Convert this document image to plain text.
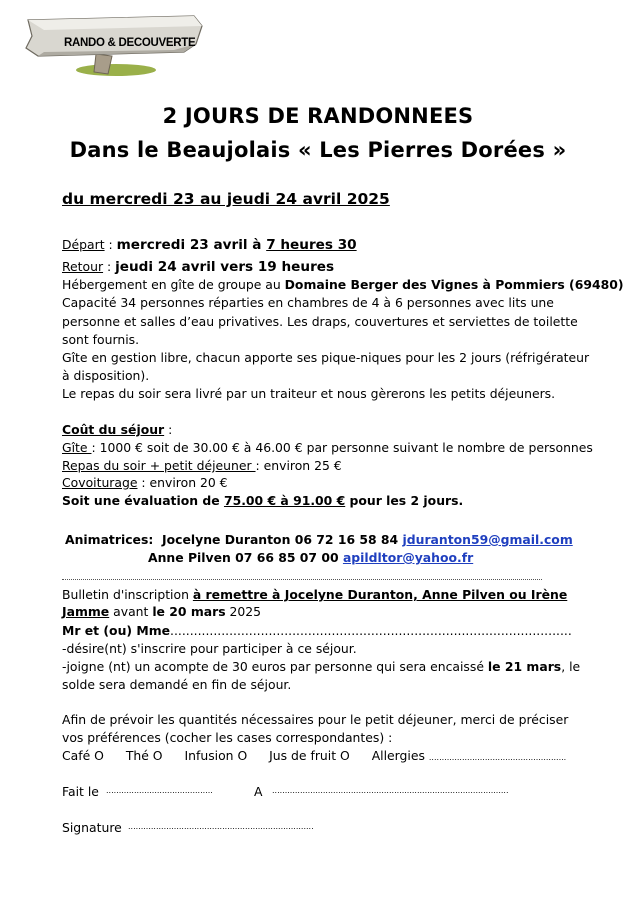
RANDO & DECOUVERTE
2 JOURS DE RANDONNEES
Dans le Beaujolais « Les Pierres Dorées »
du mercredi 23 au jeudi 24 avril 2025
Départ : mercredi 23 avril à 7 heures 30
Retour : jeudi 24 avril vers 19 heures
Hébergement en gîte de groupe au Domaine Berger des Vignes à Pommiers (69480)
Capacité 34 personnes réparties en chambres de 4 à 6 personnes avec lits une
personne et salles d’eau privatives. Les draps, couvertures et serviettes de toilette
sont fournis.
Gîte en gestion libre, chacun apporte ses pique-niques pour les 2 jours (réfrigérateur
à disposition).
Le repas du soir sera livré par un traiteur et nous gèrerons les petits déjeuners.
Coût du séjour :
Gîte : 1000 € soit de 30.00 € à 46.00 € par personne suivant le nombre de personnes
Repas du soir + petit déjeuner : environ 25 €
Covoiturage : environ 20 €
Soit une évaluation de 75.00 € à 91.00 € pour les 2 jours.
Animatrices: Jocelyne Duranton 06 72 16 58 84 jduranton59@gmail.com
Anne Pilven 07 66 85 07 00 apildltor@yahoo.fr
Bulletin d'inscription à remettre à Jocelyne Duranton, Anne Pilven ou Irène
Jamme avant le 20 mars 2025
Mr et (ou) Mme......................................................................................................
-désire(nt) s'inscrire pour participer à ce séjour.
-joigne (nt) un acompte de 30 euros par personne qui sera encaissé le 21 mars, le
solde sera demandé en fin de séjour.
Afin de prévoir les quantités nécessaires pour le petit déjeuner, merci de préciser
vos préférences (cocher les cases correspondantes) :
Café O Thé O Infusion O Jus de fruit O Allergies ......................................................
Fait le ..........................................	A .............................................................................................
Signature .........................................................................
